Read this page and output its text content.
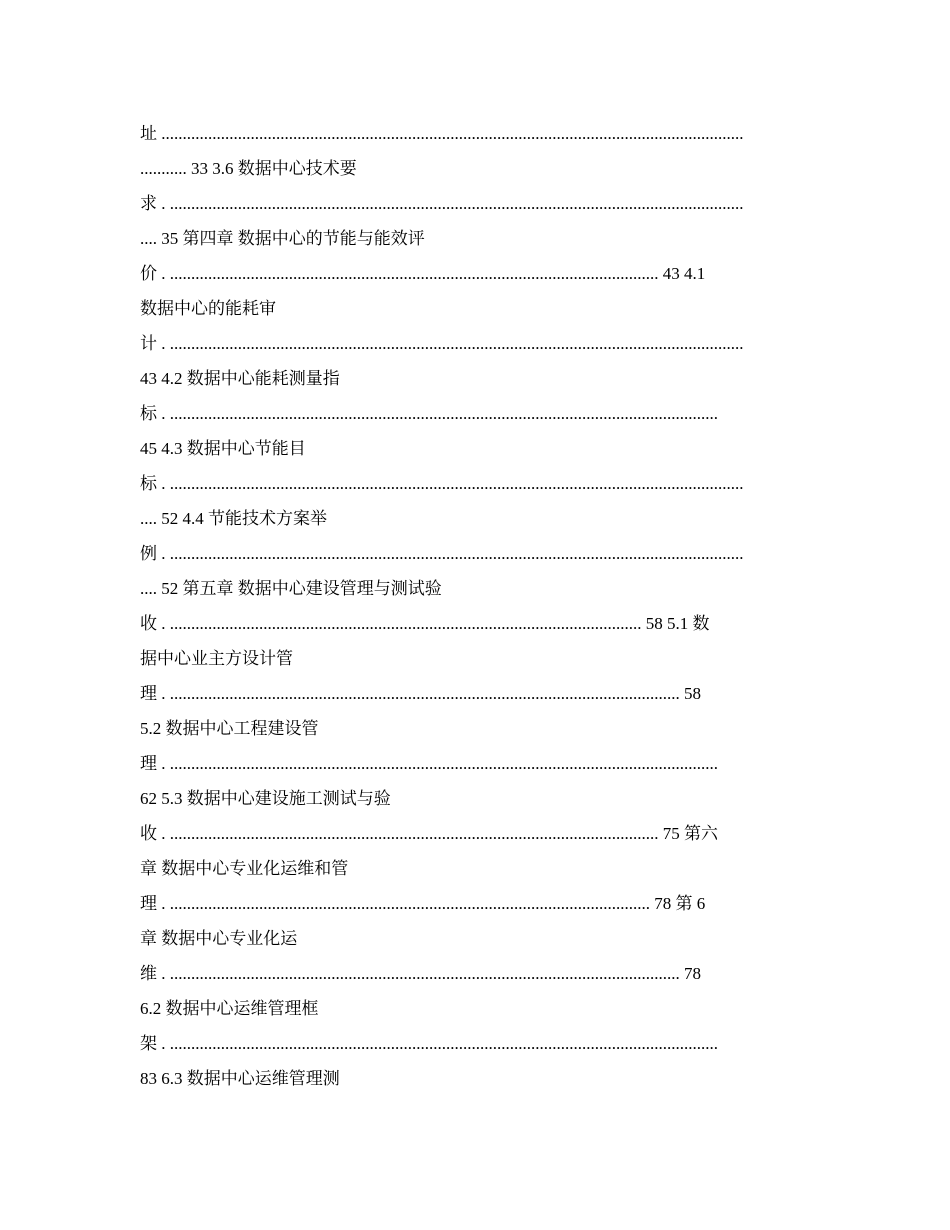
址 .........................................................................................................................................
........... 33 3.6 数据中心技术要
求 . .......................................................................................................................................
.... 35 第四章 数据中心的节能与能效评
价 . ................................................................................................................... 43 4.1
数据中心的能耗审
计 . .......................................................................................................................................
43 4.2 数据中心能耗测量指
标 . .................................................................................................................................
45 4.3 数据中心节能目
标 . .......................................................................................................................................
.... 52 4.4 节能技术方案举
例 . .......................................................................................................................................
.... 52 第五章 数据中心建设管理与测试验
收 . ............................................................................................................... 58 5.1 数
据中心业主方设计管
理 . ........................................................................................................................ 58
5.2 数据中心工程建设管
理 . .................................................................................................................................
62 5.3 数据中心建设施工测试与验
收 . ................................................................................................................... 75 第六
章 数据中心专业化运维和管
理 . ................................................................................................................. 78 第 6
章 数据中心专业化运
维 . ........................................................................................................................ 78
6.2 数据中心运维管理框
架 . .................................................................................................................................
83 6.3 数据中心运维管理测
